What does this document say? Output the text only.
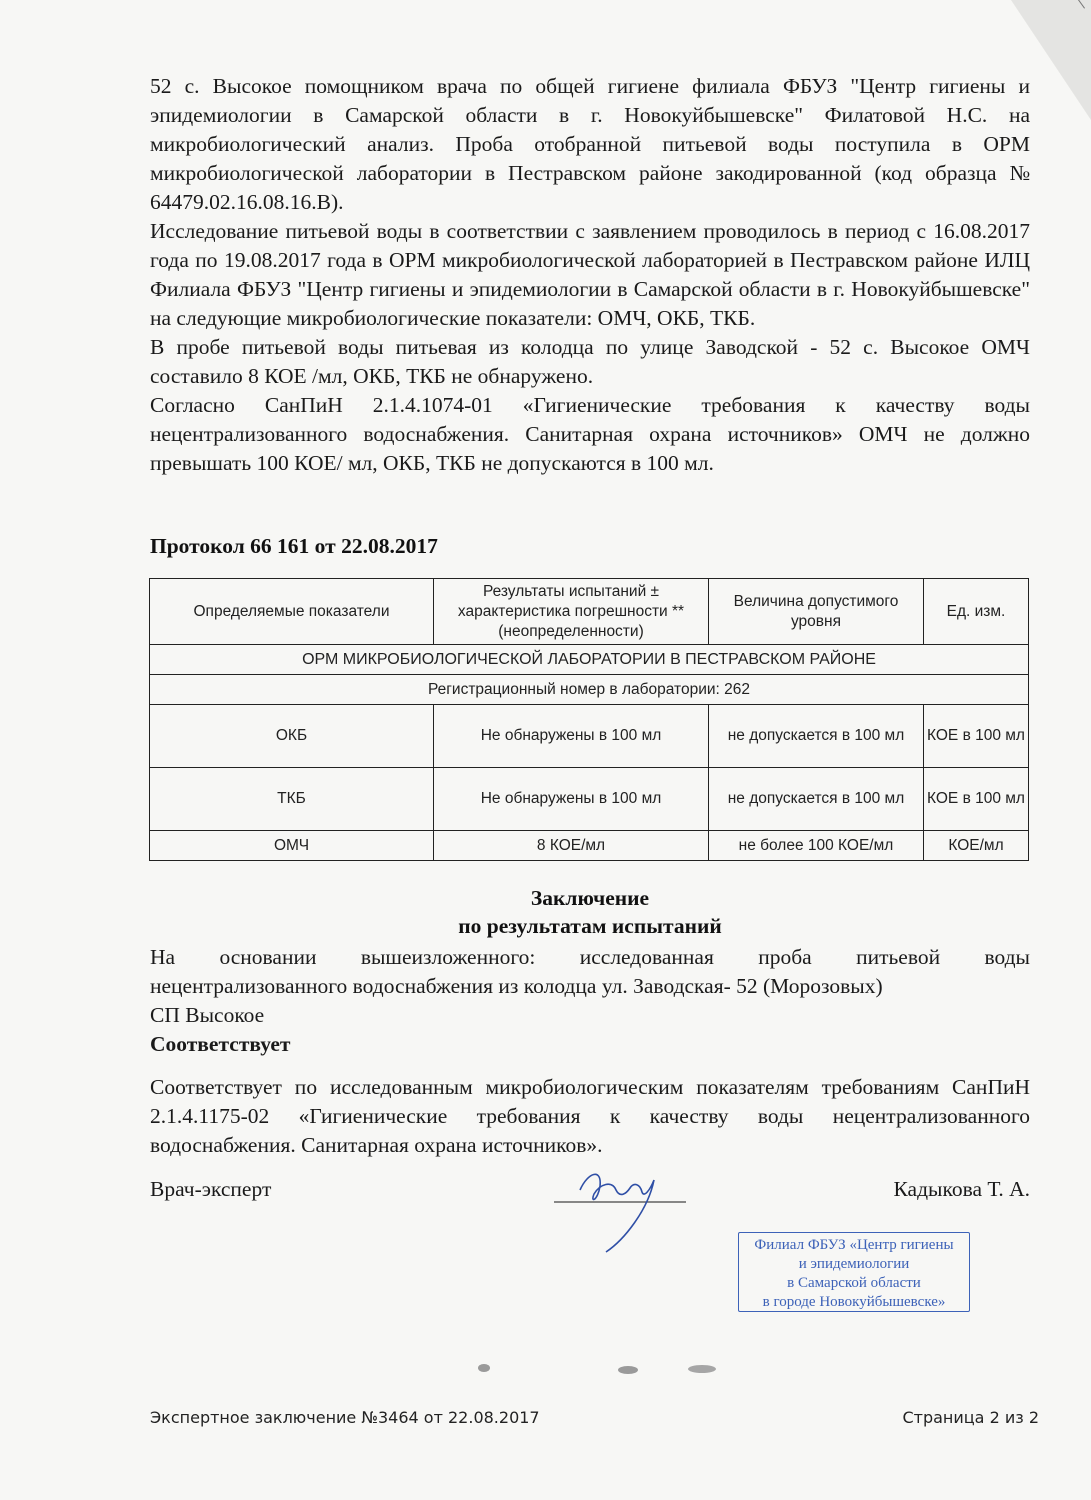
52 с. Высокое помощником врача по общей гигиене филиала ФБУЗ "Центр гигиены и эпидемиологии в Самарской области в г. Новокуйбышевске" Филатовой Н.С. на микробиологический анализ. Проба отобранной питьевой воды поступила в ОРМ микробиологической лаборатории в Пестравском районе закодированной (код образца № 64479.02.16.08.16.В).

Исследование питьевой воды в соответствии с заявлением проводилось в период с 16.08.2017 года по 19.08.2017 года в ОРМ микробиологической лабораторией в Пестравском районе ИЛЦ Филиала ФБУЗ "Центр гигиены и эпидемиологии в Самарской области в г. Новокуйбышевске" на следующие микробиологические показатели: ОМЧ, ОКБ, ТКБ.

В пробе питьевой воды питьевая из колодца по улице Заводской - 52 с. Высокое ОМЧ составило 8 КОЕ /мл, ОКБ, ТКБ не обнаружено.

Согласно СанПиН 2.1.4.1074-01 «Гигиенические требования к качеству воды нецентрализованного водоснабжения. Санитарная охрана источников» ОМЧ не должно превышать 100 КОЕ/ мл, ОКБ, ТКБ не допускаются в 100 мл.

Протокол 66 161 от 22.08.2017
Определяемые показатели	Результаты испытаний ± характеристика погрешности **(неопределенности)	Величина допустимого уровня	Ед. изм.
ОРМ МИКРОБИОЛОГИЧЕСКОЙ ЛАБОРАТОРИИ В ПЕСТРАВСКОМ РАЙОНЕ			
Регистрационный номер в лаборатории: 262			
ОКБ	Не обнаружены в 100 мл	не допускается в 100 мл	КОЕ в 100 мл
ТКБ	Не обнаружены в 100 мл	не допускается в 100 мл	КОЕ в 100 мл
ОМЧ	8 КОЕ/мл	не более 100 КОЕ/мл	КОЕ/мл
Заключение
по результатам испытаний
На основании вышеизложенного: исследованная проба питьевой воды
нецентрализованного водоснабжения из колодца ул. Заводская- 52 (Морозовых)
СП Высокое
Соответствует

Соответствует по исследованным микробиологическим показателям требованиям СанПиН 2.1.4.1175-02 «Гигиенические требования к качеству воды нецентрализованного водоснабжения. Санитарная охрана источников».

Врач-эксперт	Кадыкова Т. А.
Филиал ФБУЗ «Центр гигиены
и эпидемиологии
в Самарской области
в городе Новокуйбышевске»
Экспертное заключение №3464 от 22.08.2017	Страница 2 из 2
